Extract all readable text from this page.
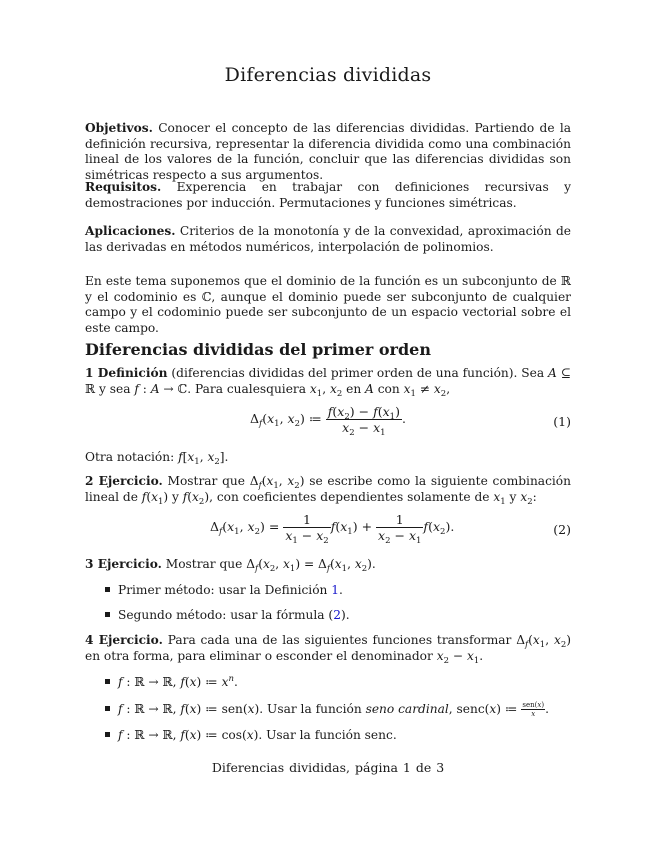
Diferencias divididas
Objetivos. Conocer el concepto de las diferencias divididas. Partiendo de la definición recursiva, representar la diferencia dividida como una combinación lineal de los valores de la función, concluir que las diferencias divididas son simétricas respecto a sus argumentos.
Requisitos. Experencia en trabajar con definiciones recursivas y demostraciones por inducción. Permutaciones y funciones simétricas.
Aplicaciones. Criterios de la monotonía y de la convexidad, aproximación de las derivadas en métodos numéricos, interpolación de polinomios.
En este tema suponemos que el dominio de la función es un subconjunto de ℝ y el codominio es ℂ, aunque el dominio puede ser subconjunto de cualquier campo y el codominio puede ser subconjunto de un espacio vectorial sobre el este campo.
Diferencias divididas del primer orden
1 Definición (diferencias divididas del primer orden de una función). Sea A ⊆ ℝ y sea f : A → ℂ. Para cualesquiera $x_1$, $x_2$ en A con $x_1 \ne x_2$,
$\Delta_f(x_1$, $x_2$) ≔ $\frac{f(x_2) - f(x_1)}{x_2 - x_1}$ .	(1)
Otra notación: $f[x_1$, $x_2$].
2 Ejercicio. Mostrar que $\Delta_f(x_1$, $x_2$) se escribe como la siguiente combinación lineal de $f(x_1)$ y $f(x_2)$, con coeficientes dependientes solamente de $x_1$ y $x_2$:
$\Delta_f(x_1$, $x_2) = \frac{1}{x_1 - x_2} f(x_1) + \frac{1}{x_2 - x_1} f(x_2)$.	(2)
3 Ejercicio. Mostrar que $\Delta_f(x_2$, $x_1) = \Delta_f(x_1$, $x_2$).
Primer método: usar la Definición 1.
Segundo método: usar la fórmula (2).
4 Ejercicio. Para cada una de las siguientes funciones transformar $\Delta_f(x_1$, $x_2$) en otra forma, para eliminar o esconder el denominador $x_2 - x_1$.
f : ℝ → ℝ, f(x) ≔ $x^n$.
f : ℝ → ℝ, f(x) ≔ sen(x). Usar la función seno cardinal, senc(x) ≔ sen(x)
x .
f : ℝ → ℝ, f(x) ≔ cos(x). Usar la función senc.
Diferencias divididas, página 1 de 3
